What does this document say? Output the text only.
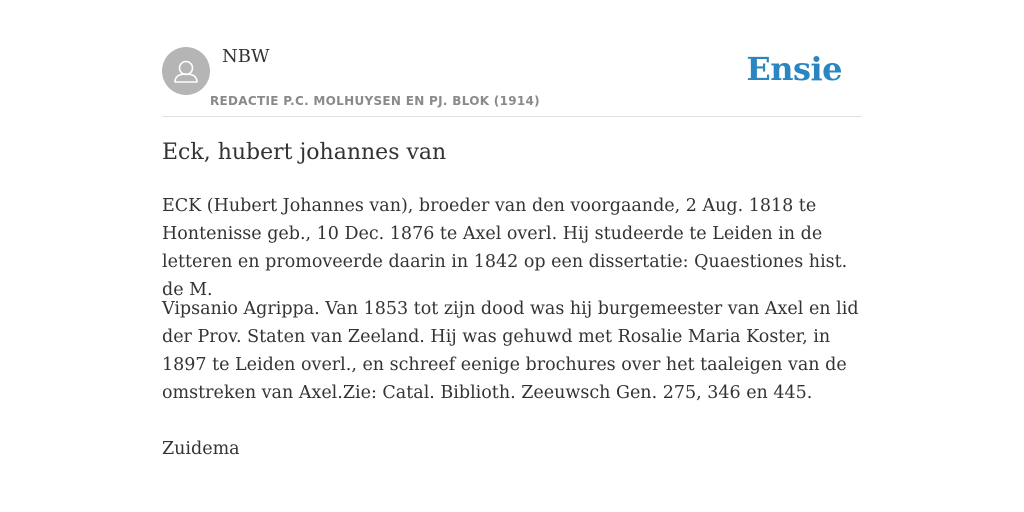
NBW
REDACTIE P.C. MOLHUYSEN EN PJ. BLOK (1914)
Ensie
Eck, hubert johannes van

ECK (Hubert Johannes van), broeder van den voorgaande, 2 Aug. 1818 te Hontenisse geb., 10 Dec. 1876 te Axel overl. Hij studeerde te Leiden in de letteren en promoveerde daarin in 1842 op een dissertatie: Quaestiones hist. de M.

Vipsanio Agrippa. Van 1853 tot zijn dood was hij burgemeester van Axel en lid der Prov. Staten van Zeeland. Hij was gehuwd met Rosalie Maria Koster, in 1897 te Leiden overl., en schreef eenige brochures over het taaleigen van de omstreken van Axel.Zie: Catal. Biblioth. Zeeuwsch Gen. 275, 346 en 445.

Zuidema
